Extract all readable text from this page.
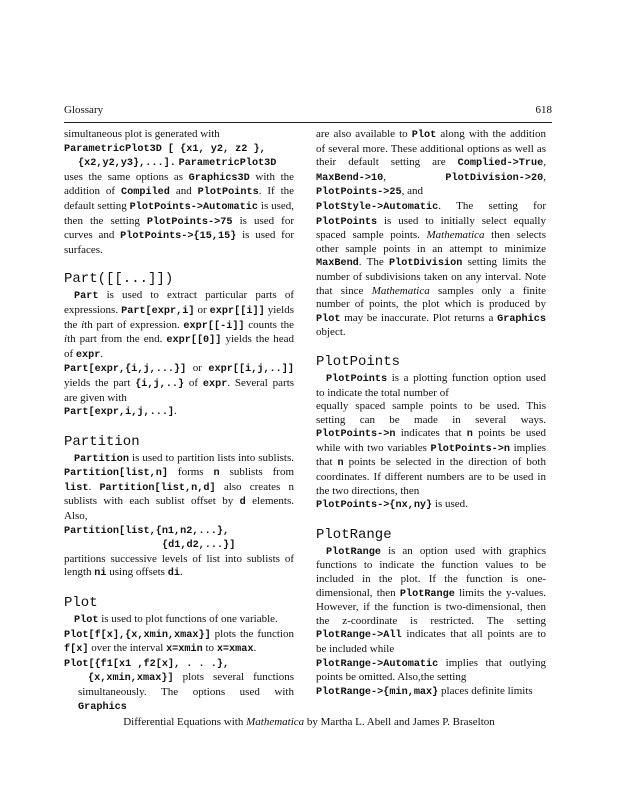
Glossary	618

simultaneous plot is generated with
ParametricPlot3D [ {x1, y2, z2 },

{x2,y2,y3},...]. ParametricPlot3D
uses the same options as Graphics3D with the addition of Compiled and PlotPoints. If the default setting PlotPoints->Automatic is used, then the setting PlotPoints->75 is used for curves and PlotPoints->{15,15} is used for surfaces.

Part([[...]])

Part is used to extract particular parts of expressions. Part[expr,i] or expr[[i]] yields the ith part of expression. expr[[-i]] counts the ith part from the end. expr[[0]] yields the head of expr.
Part[expr,{i,j,...}] or expr[[i,j,..]] yields the part {i,j,..} of expr. Several parts are given with
Part[expr,i,j,...].

Partition

Partition is used to partition lists into sublists. Partition[list,n] forms n sublists from list. Partition[list,n,d] also creates n sublists with each sublist offset by d elements. Also,
Partition[list,{n1,n2,...},
{d1,d2,...}]
partitions successive levels of list into sublists of length ni using offsets di.

Plot

Plot is used to plot functions of one variable.
Plot[f[x],{x,xmin,xmax}] plots the function f[x] over the interval x=xmin to x=xmax.
Plot[{f1[x1 ,f2[x], . . .},
{x,xmin,xmax}] plots several functions simultaneously. The options used with Graphics

are also available to Plot along with the addition of several more. These additional options as well as their default setting are Complied->True, MaxBend->10,	PlotDivision->20, PlotPoints->25, and
PlotStyle->Automatic. The setting for PlotPoints is used to initially select equally spaced sample points. Mathematica then selects other sample points in an attempt to minimize MaxBend. The PlotDivision setting limits the number of subdivisions taken on any interval. Note that since Mathematica samples only a finite number of points, the plot which is produced by Plot may be inaccurate. Plot returns a Graphics object.

PlotPoints

PlotPoints is a plotting function option used to indicate the total number of
equally spaced sample points to be used. This setting can be made in several ways. PlotPoints->n indicates that n points be used while with two variables PlotPoints->n implies that n points be selected in the direction of both coordinates. If different numbers are to be used in the two directions, then
PlotPoints->{nx,ny} is used.

PlotRange

PlotRange is an option used with graphics functions to indicate the function values to be included in the plot. If the function is one-dimensional, then PlotRange limits the y-values. However, if the function is two-dimensional, then the z-coordinate is restricted. The setting PlotRange->All indicates that all points are to be included while
PlotRange->Automatic implies that outlying points be omitted. Also,the setting
PlotRange->{min,max} places definite limits

Differential Equations with Mathematica by Martha L. Abell and James P. Braselton
